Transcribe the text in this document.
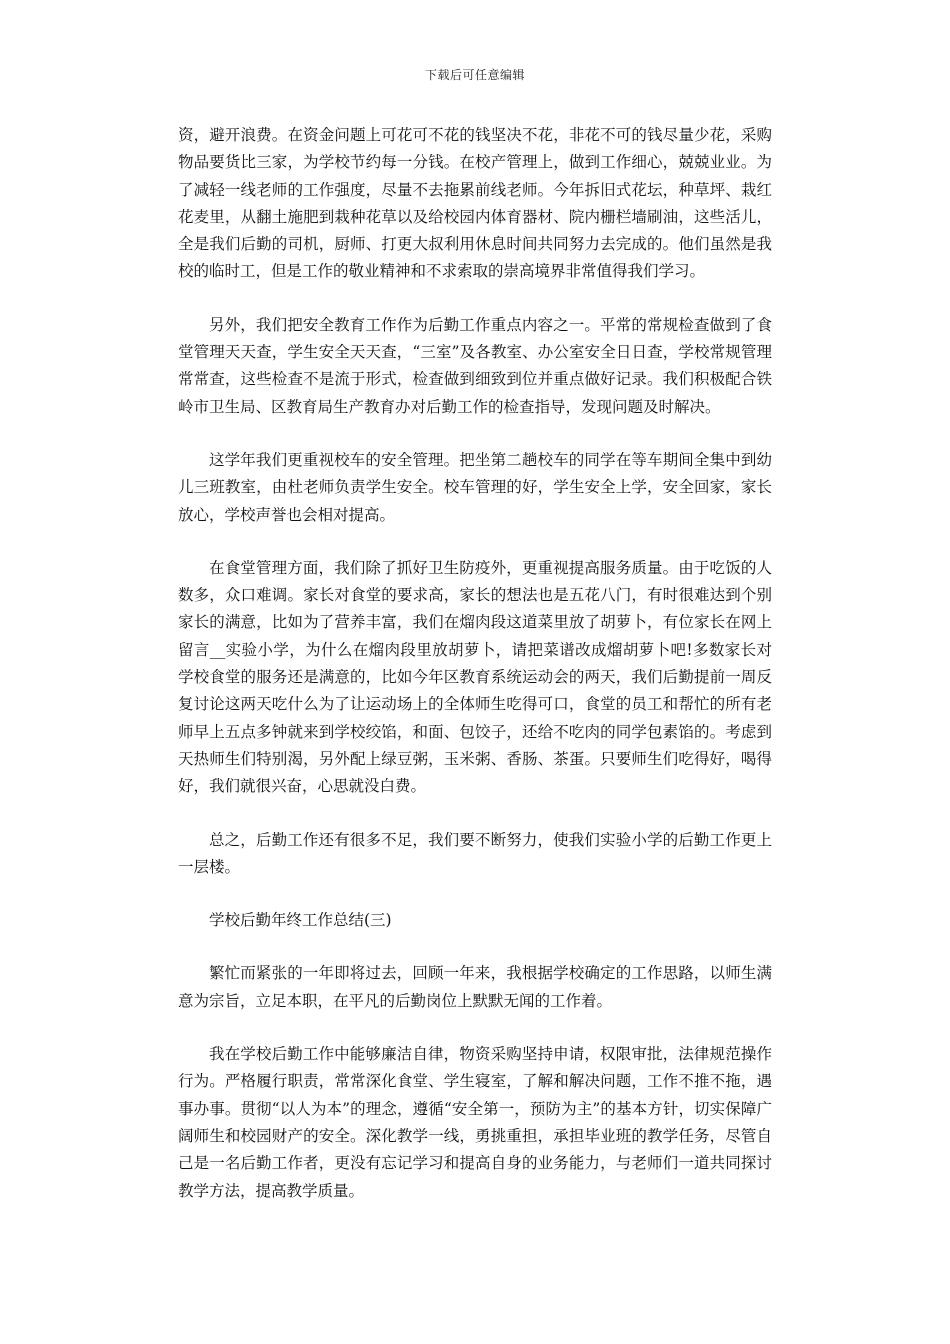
下载后可任意编辑

资，避开浪费。在资金问题上可花可不花的钱坚决不花，非花不可的钱尽量少花，采购物品要货比三家，为学校节约每一分钱。在校产管理上，做到工作细心，兢兢业业。为了减轻一线老师的工作强度，尽量不去拖累前线老师。今年拆旧式花坛，种草坪、栽红花麦里，从翻土施肥到栽种花草以及给校园内体育器材、院内栅栏墙刷油，这些活儿，全是我们后勤的司机，厨师、打更大叔利用休息时间共同努力去完成的。他们虽然是我校的临时工，但是工作的敬业精神和不求索取的崇高境界非常值得我们学习。

另外，我们把安全教育工作作为后勤工作重点内容之一。平常的常规检查做到了食堂管理天天查，学生安全天天查，“三室”及各教室、办公室安全日日查，学校常规管理常常查，这些检查不是流于形式，检查做到细致到位并重点做好记录。我们积极配合铁岭市卫生局、区教育局生产教育办对后勤工作的检查指导，发现问题及时解决。

这学年我们更重视校车的安全管理。把坐第二趟校车的同学在等车期间全集中到幼儿三班教室，由杜老师负责学生安全。校车管理的好，学生安全上学，安全回家，家长放心，学校声誉也会相对提高。

在食堂管理方面，我们除了抓好卫生防疫外，更重视提高服务质量。由于吃饭的人数多，众口难调。家长对食堂的要求高，家长的想法也是五花八门，有时很难达到个别家长的满意，比如为了营养丰富，我们在熘肉段这道菜里放了胡萝卜，有位家长在网上留言__实验小学，为什么在熘肉段里放胡萝卜，请把菜谱改成熘胡萝卜吧!多数家长对学校食堂的服务还是满意的，比如今年区教育系统运动会的两天，我们后勤提前一周反复讨论这两天吃什么为了让运动场上的全体师生吃得可口，食堂的员工和帮忙的所有老师早上五点多钟就来到学校绞馅，和面、包饺子，还给不吃肉的同学包素馅的。考虑到天热师生们特别渴，另外配上绿豆粥，玉米粥、香肠、茶蛋。只要师生们吃得好，喝得好，我们就很兴奋，心思就没白费。

总之，后勤工作还有很多不足，我们要不断努力，使我们实验小学的后勤工作更上一层楼。

学校后勤年终工作总结(三)

繁忙而紧张的一年即将过去，回顾一年来，我根据学校确定的工作思路，以师生满意为宗旨，立足本职，在平凡的后勤岗位上默默无闻的工作着。

我在学校后勤工作中能够廉洁自律，物资采购坚持申请，权限审批，法律规范操作行为。严格履行职责，常常深化食堂、学生寝室，了解和解决问题，工作不推不拖，遇事办事。贯彻“以人为本”的理念，遵循“安全第一，预防为主”的基本方针，切实保障广阔师生和校园财产的安全。深化教学一线，勇挑重担，承担毕业班的教学任务，尽管自己是一名后勤工作者，更没有忘记学习和提高自身的业务能力，与老师们一道共同探讨教学方法，提高教学质量。
